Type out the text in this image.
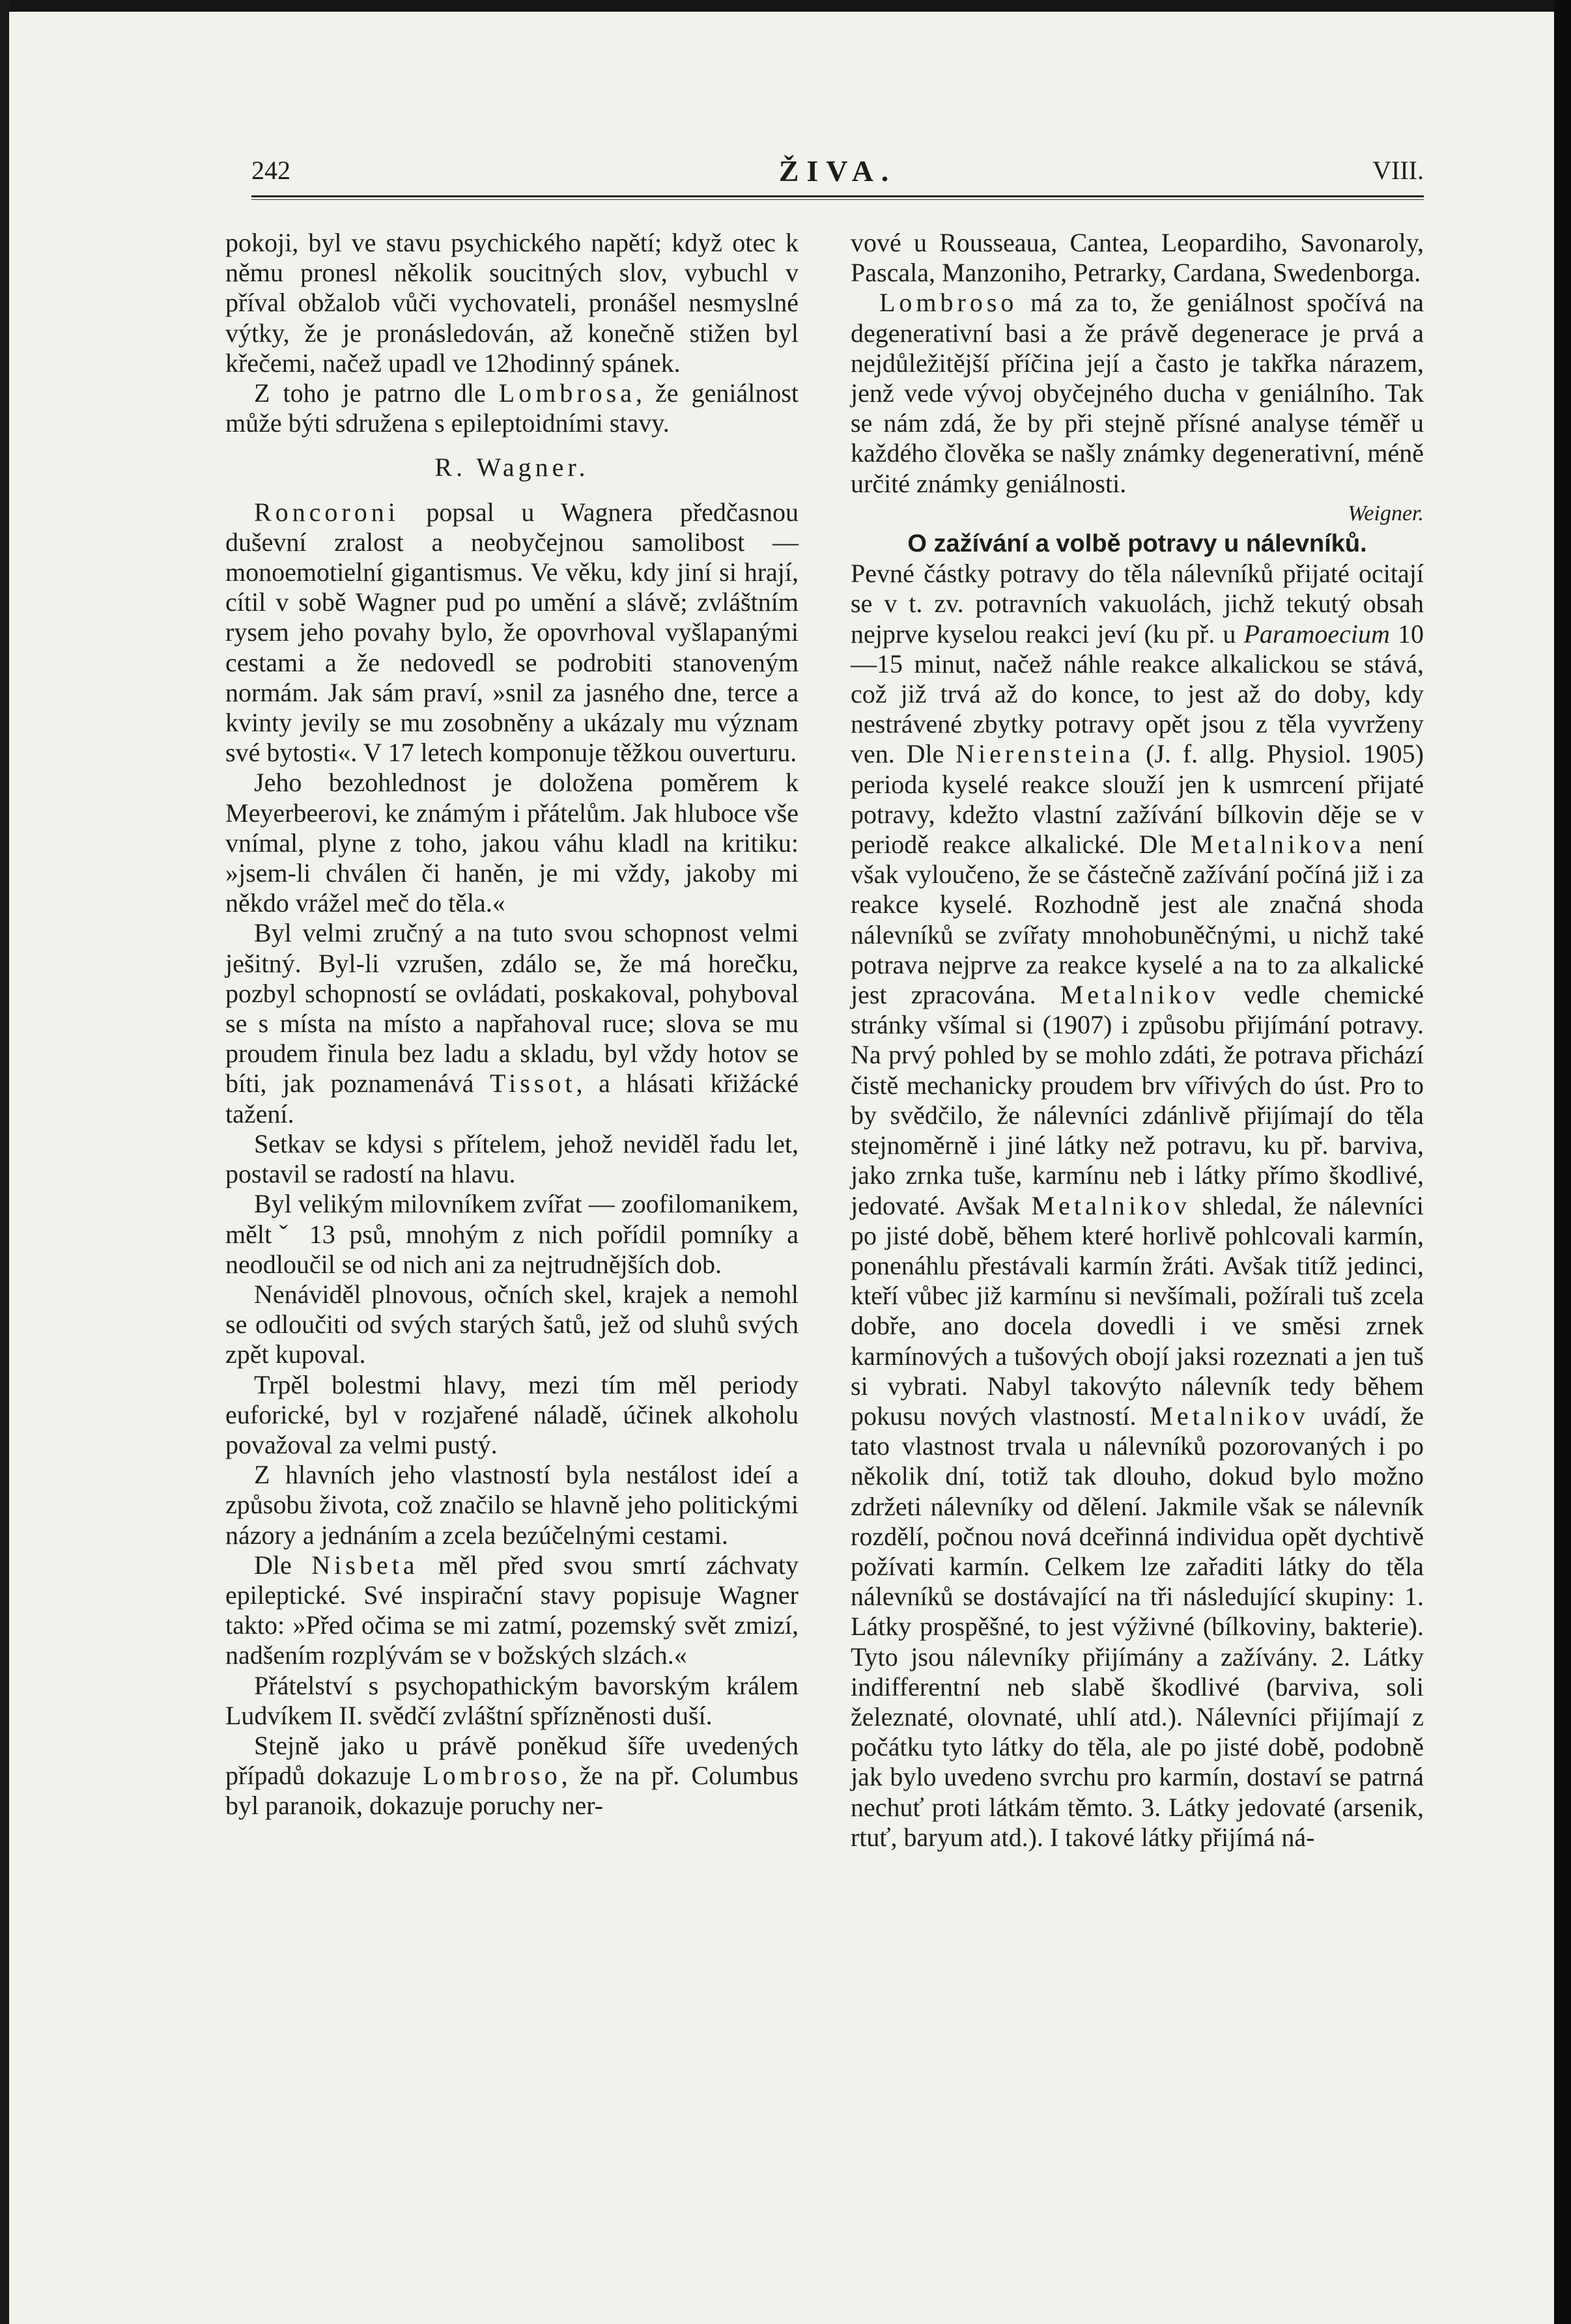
242	ŽIVA.	VIII.

pokoji, byl ve stavu psychického napětí; když otec k němu pronesl několik soucitných slov, vybuchl v příval obžalob vůči vychovateli, pronášel nesmyslné výtky, že je pronásledován, až konečně stižen byl křečemi, načež upadl ve 12hodinný spánek.

Z toho je patrno dle Lombrosa, že geniálnost může býti sdružena s epileptoidními stavy.

R. Wagner.

Roncoroni popsal u Wagnera předčasnou duševní zralost a neobyčejnou samolibost — monoemotielní gigantismus. Ve věku, kdy jiní si hrají, cítil v sobě Wagner pud po umění a slávě; zvláštním rysem jeho povahy bylo, že opovrhoval vyšlapanými cestami a že nedovedl se podrobiti stanoveným normám. Jak sám praví, »snil za jasného dne, terce a kvinty jevily se mu zosobněny a ukázaly mu význam své bytosti«. V 17 letech komponuje těžkou ouverturu.

Jeho bezohlednost je doložena poměrem k Meyerbeerovi, ke známým i přátelům. Jak hluboce vše vnímal, plyne z toho, jakou váhu kladl na kritiku: »jsem-li chválen či haněn, je mi vždy, jakoby mi někdo vrážel meč do těla.«

Byl velmi zručný a na tuto svou schopnost velmi ješitný. Byl-li vzrušen, zdálo se, že má horečku, pozbyl schopností se ovládati, poskakoval, pohyboval se s místa na místo a napřahoval ruce; slova se mu proudem řinula bez ladu a skladu, byl vždy hotov se bíti, jak poznamenává Tissot, a hlásati křižácké tažení.

Setkav se kdysi s přítelem, jehož neviděl řadu let, postavil se radostí na hlavu.

Byl velikým milovníkem zvířat — zoofilomanikem, měltˇ 13 psů, mnohým z nich pořídil pomníky a neodloučil se od nich ani za nejtrudnějších dob.

Nenáviděl plnovous, očních skel, krajek a nemohl se odloučiti od svých starých šatů, jež od sluhů svých zpět kupoval.

Trpěl bolestmi hlavy, mezi tím měl periody euforické, byl v rozjařené náladě, účinek alkoholu považoval za velmi pustý.

Z hlavních jeho vlastností byla nestálost ideí a způsobu života, což značilo se hlavně jeho politickými názory a jednáním a zcela bezúčelnými cestami.

Dle Nisbeta měl před svou smrtí záchvaty epileptické. Své inspirační stavy popisuje Wagner takto: »Před očima se mi zatmí, pozemský svět zmizí, nadšením rozplývám se v božských slzách.«

Přátelství s psychopathickým bavorským králem Ludvíkem II. svědčí zvláštní spřízněnosti duší.

Stejně jako u právě poněkud šíře uvedených případů dokazuje Lombroso, že na př. Columbus byl paranoik, dokazuje poruchy ner-

vové u Rousseaua, Cantea, Leopardiho, Savonaroly, Pascala, Manzoniho, Petrarky, Cardana, Swedenborga.

Lombroso má za to, že geniálnost spočívá na degenerativní basi a že právě degenerace je prvá a nejdůležitější příčina její a často je takřka nárazem, jenž vede vývoj obyčejného ducha v geniálního. Tak se nám zdá, že by při stejně přísné analyse téměř u každého člověka se našly známky degenerativní, méně určité známky geniálnosti.

Weigner.

O zažívání a volbě potravy u nálevníků.

Pevné částky potravy do těla nálevníků přijaté ocitají se v t. zv. potravních vakuolách, jichž tekutý obsah nejprve kyselou reakci jeví (ku př. u Paramoecium 10—15 minut, načež náhle reakce alkalickou se stává, což již trvá až do konce, to jest až do doby, kdy nestrávené zbytky potravy opět jsou z těla vyvrženy ven. Dle Nierensteina (J. f. allg. Physiol. 1905) perioda kyselé reakce slouží jen k usmrcení přijaté potravy, kdežto vlastní zažívání bílkovin děje se v periodě reakce alkalické. Dle Metalnikova není však vyloučeno, že se částečně zažívání počíná již i za reakce kyselé. Rozhodně jest ale značná shoda nálevníků se zvířaty mnohobuněčnými, u nichž také potrava nejprve za reakce kyselé a na to za alkalické jest zpracována. Metalnikov vedle chemické stránky všímal si (1907) i způsobu přijímání potravy. Na prvý pohled by se mohlo zdáti, že potrava přichází čistě mechanicky proudem brv vířivých do úst. Pro to by svědčilo, že nálevníci zdánlivě přijímají do těla stejnoměrně i jiné látky než potravu, ku př. barviva, jako zrnka tuše, karmínu neb i látky přímo škodlivé, jedovaté. Avšak Metalnikov shledal, že nálevníci po jisté době, během které horlivě pohlcovali karmín, ponenáhlu přestávali karmín žráti. Avšak titíž jedinci, kteří vůbec již karmínu si nevšímali, požírali tuš zcela dobře, ano docela dovedli i ve směsi zrnek karmínových a tušových obojí jaksi rozeznati a jen tuš si vybrati. Nabyl takovýto nálevník tedy během pokusu nových vlastností. Metalnikov uvádí, že tato vlastnost trvala u nálevníků pozorovaných i po několik dní, totiž tak dlouho, dokud bylo možno zdržeti nálevníky od dělení. Jakmile však se nálevník rozdělí, počnou nová dceřinná individua opět dychtivě požívati karmín. Celkem lze zařaditi látky do těla nálevníků se dostávající na tři následující skupiny: 1. Látky prospěšné, to jest výživné (bílkoviny, bakterie). Tyto jsou nálevníky přijímány a zažívány. 2. Látky indifferentní neb slabě škodlivé (barviva, soli železnaté, olovnaté, uhlí atd.). Nálevníci přijímají z počátku tyto látky do těla, ale po jisté době, podobně jak bylo uvedeno svrchu pro karmín, dostaví se patrná nechuť proti látkám těmto. 3. Látky jedovaté (arsenik, rtuť, baryum atd.). I takové látky přijímá ná-
